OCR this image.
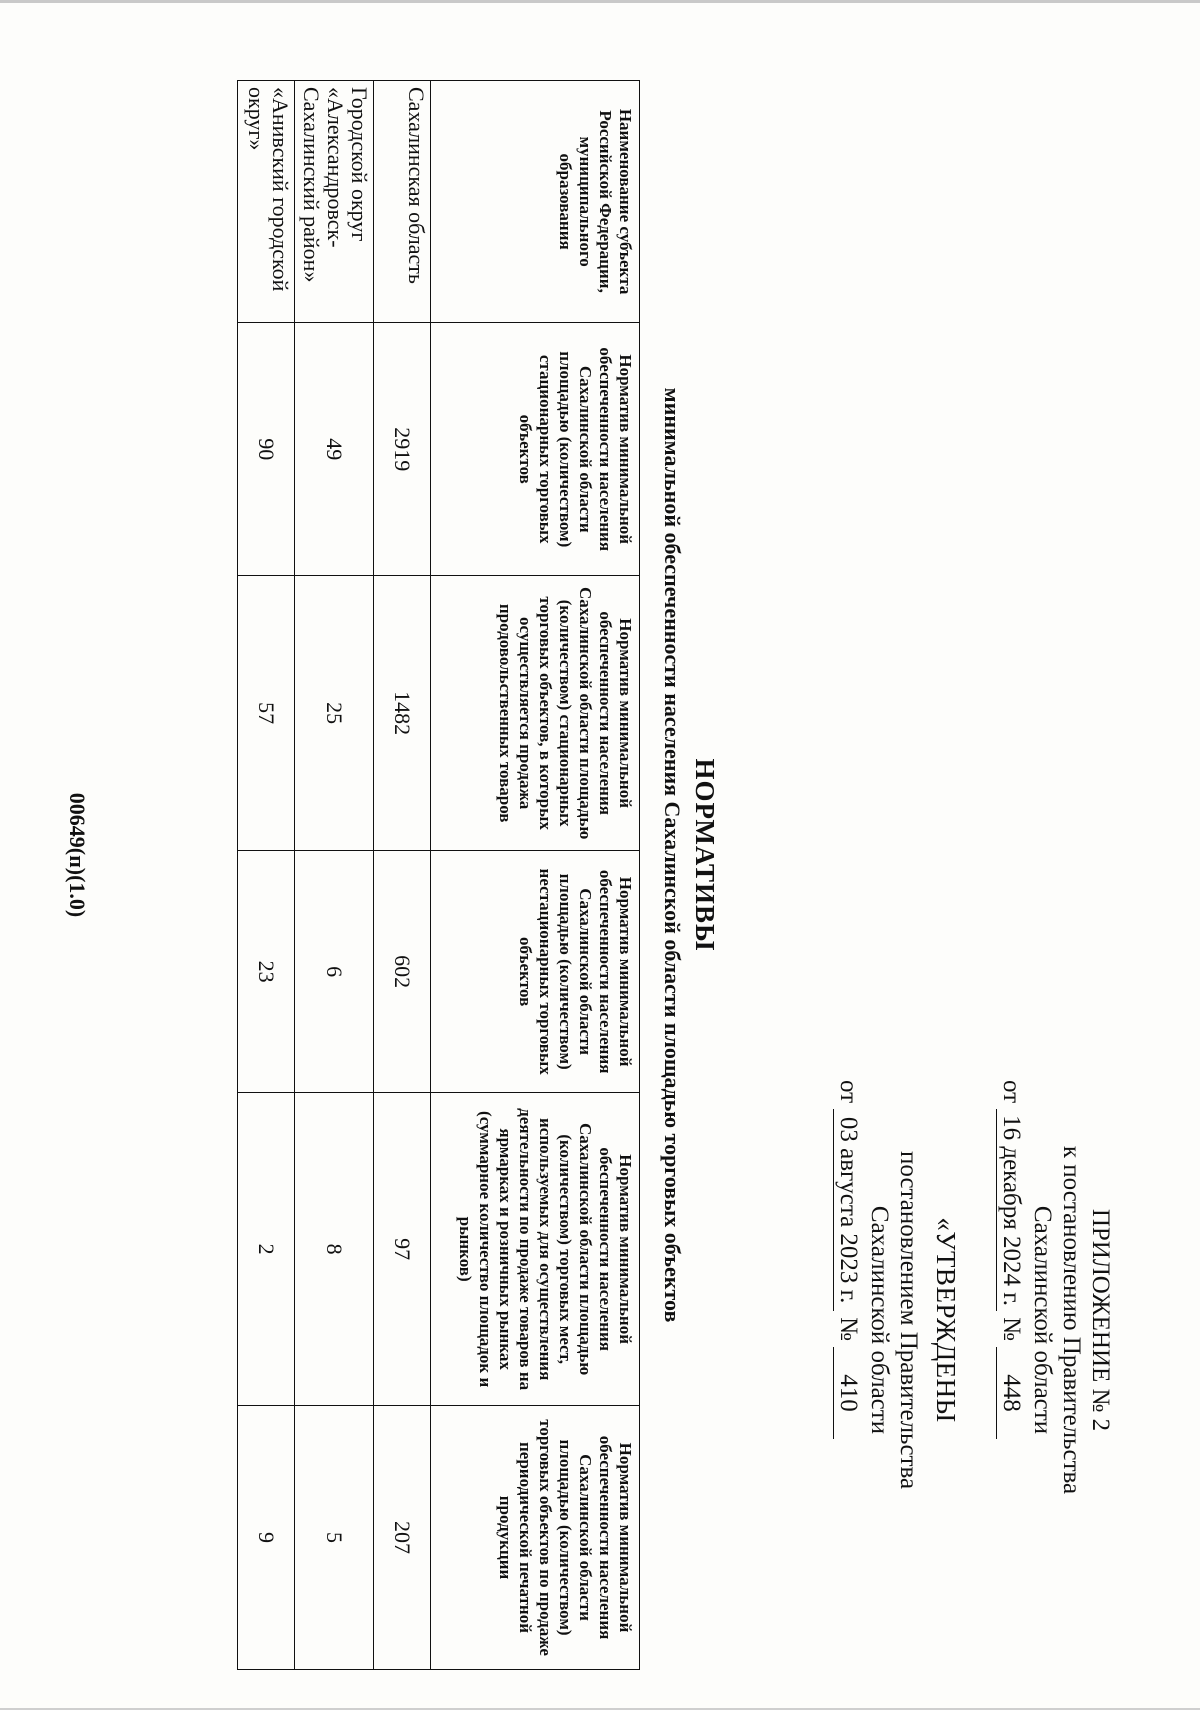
ПРИЛОЖЕНИЕ № 2
к постановлению Правительства
Сахалинской области
от
16 декабря 2024 г.
№
448
«УТВЕРЖДЕНЫ
постановлением Правительства
Сахалинской области
от
03 августа 2023 г.
№
410
НОРМАТИВЫ
минимальной обеспеченности населения Сахалинской области площадью торговых объектов
Наименование субъекта Российской Федерации, муниципального образования	Норматив минимальной обеспеченности населения Сахалинской области площадью (количеством) стационарных торговых объектов	Норматив минимальной обеспеченности населения Сахалинской области площадью (количеством) стационарных торговых объектов, в которых осуществляется продажа продовольственных товаров	Норматив минимальной обеспеченности населения Сахалинской области площадью (количеством) нестационарных торговых объектов	Норматив минимальной обеспеченности населения Сахалинской области площадью (количеством) торговых мест, используемых для осуществления деятельности по продаже товаров на ярмарках и розничных рынках (суммарное количество площадок и рынков)	Норматив минимальной обеспеченности населения Сахалинской области площадью (количеством) торговых объектов по продаже периодической печатной продукции
Сахалинская область	2919	1482	602	97	207
Городской округ «Александровск-Сахалинский район»	49	25	6	8	5
«Анивский городской округ»	90	57	23	2	9
00649(п)(1.0)
